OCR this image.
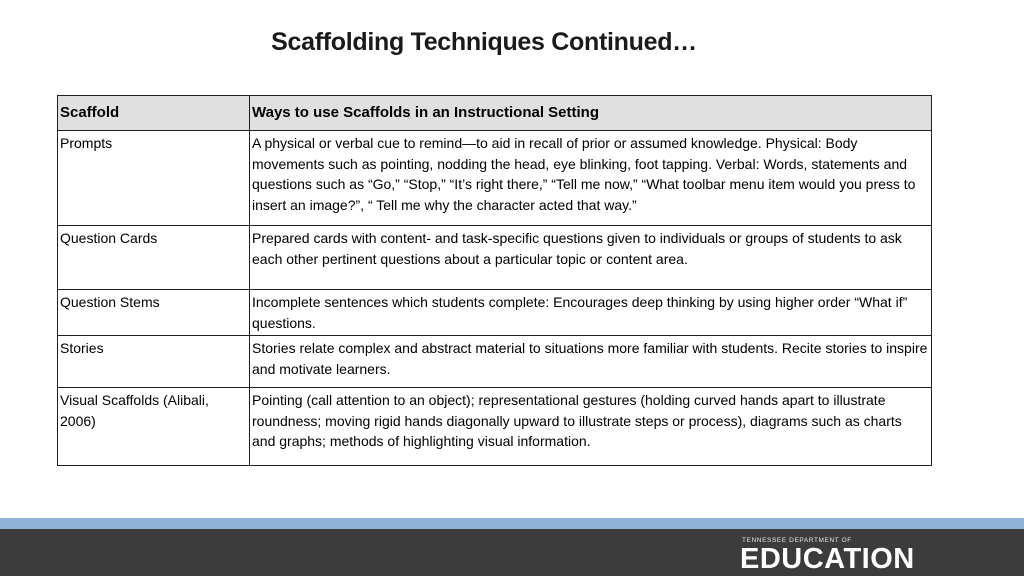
Scaffolding Techniques Continued…
Scaffold	Ways to use Scaffolds in an Instructional Setting
Prompts	A physical or verbal cue to remind—to aid in recall of prior or assumed knowledge. Physical: Body movements such as pointing, nodding the head, eye blinking, foot tapping. Verbal: Words, statements and questions such as “Go,” “Stop,” “It’s right there,” “Tell me now,” “What toolbar menu item would you press to insert an image?”, “ Tell me why the character acted that way.”
Question Cards	Prepared cards with content- and task-specific questions given to individuals or groups of students to ask each other pertinent questions about a particular topic or content area.
Question Stems	Incomplete sentences which students complete: Encourages deep thinking by using higher order “What if” questions.
Stories	Stories relate complex and abstract material to situations more familiar with students. Recite stories to inspire and motivate learners.
Visual Scaffolds (Alibali, 2006)	Pointing (call attention to an object); representational gestures (holding curved hands apart to illustrate roundness; moving rigid hands diagonally upward to illustrate steps or process), diagrams such as charts and graphs; methods of highlighting visual information.
TENNESSEE DEPARTMENT OF
EDUCATION
